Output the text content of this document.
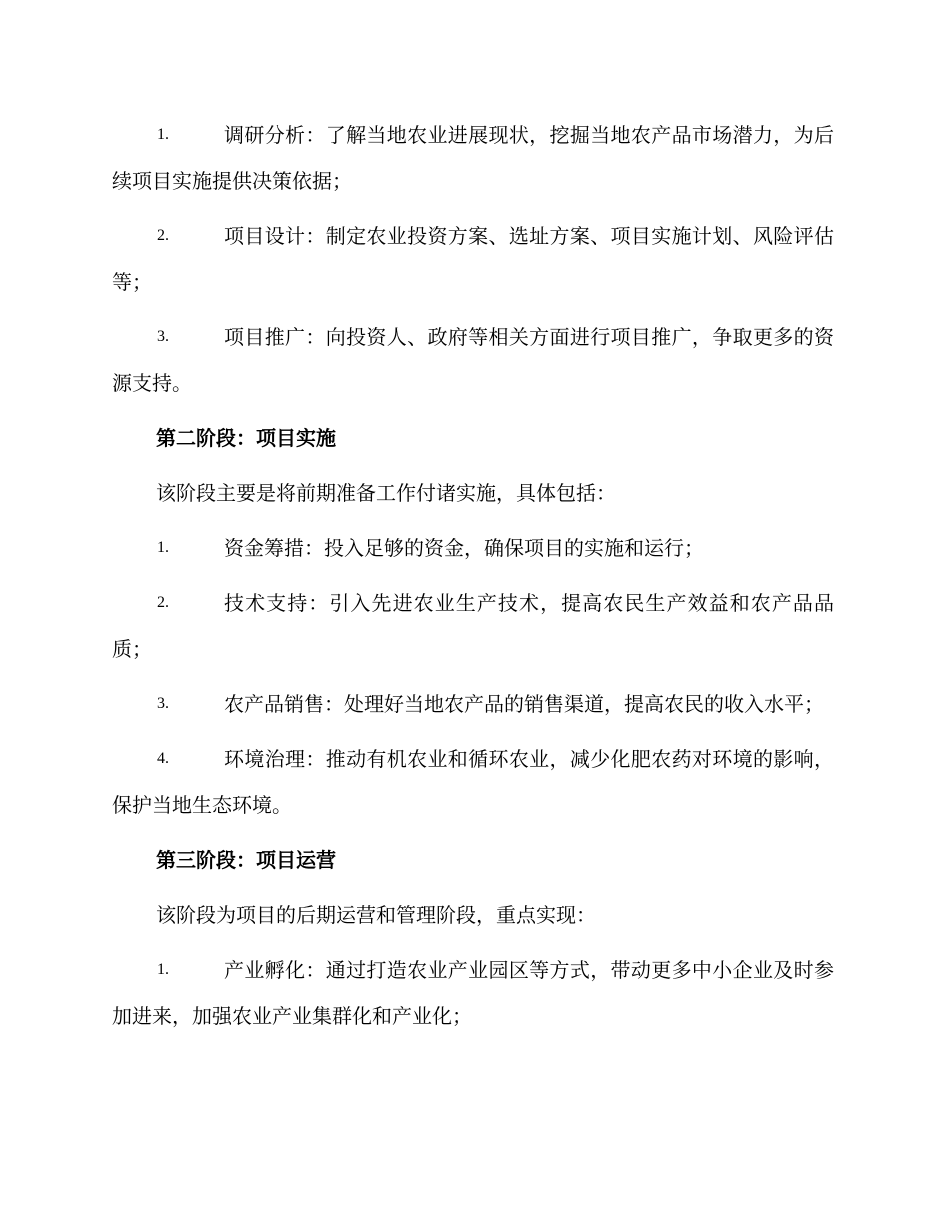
1.	调研分析：了解当地农业进展现状，挖掘当地农产品市场潜力，为后续项目实施提供决策依据；
2.	项目设计：制定农业投资方案、选址方案、项目实施计划、风险评估等；
3.	项目推广：向投资人、政府等相关方面进行项目推广，争取更多的资源支持。
第二阶段：项目实施
该阶段主要是将前期准备工作付诸实施，具体包括：
1.	资金筹措：投入足够的资金，确保项目的实施和运行；
2.	技术支持：引入先进农业生产技术，提高农民生产效益和农产品品质；
3.	农产品销售：处理好当地农产品的销售渠道，提高农民的收入水平；
4.	环境治理：推动有机农业和循环农业，减少化肥农药对环境的影响，保护当地生态环境。
第三阶段：项目运营
该阶段为项目的后期运营和管理阶段，重点实现：
1.	产业孵化：通过打造农业产业园区等方式，带动更多中小企业及时参加进来，加强农业产业集群化和产业化；
